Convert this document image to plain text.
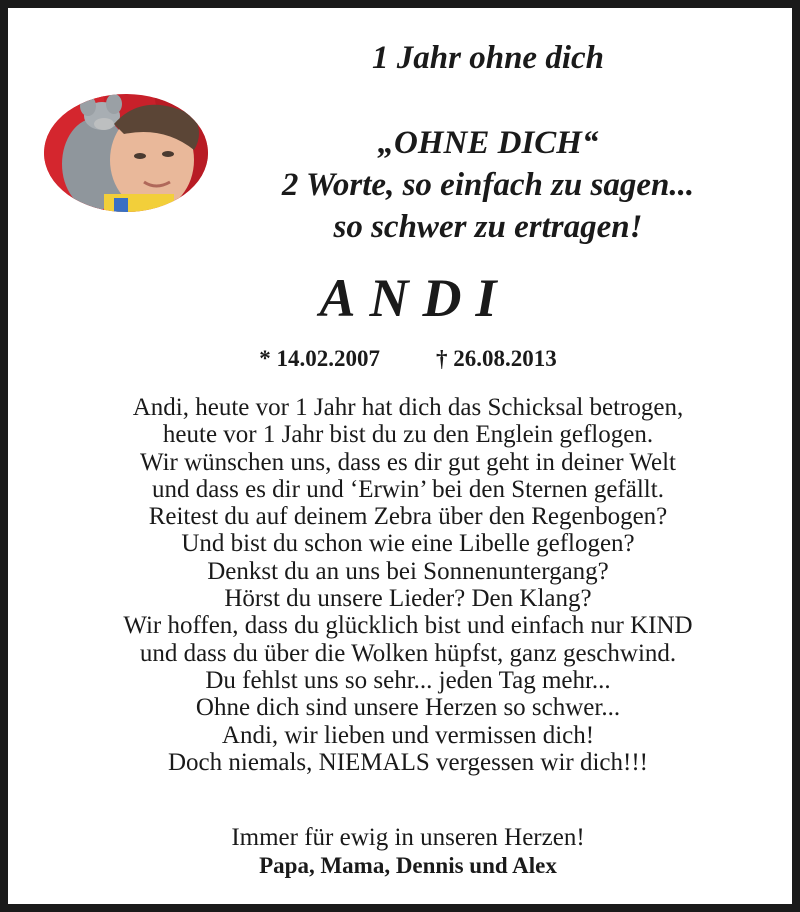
1 Jahr ohne dich
„OHNE DICH“
2 Worte, so einfach zu sagen...
so schwer zu ertragen!
ANDI
* 14.02.2007 † 26.08.2013
Andi, heute vor 1 Jahr hat dich das Schicksal betrogen,
heute vor 1 Jahr bist du zu den Englein geflogen.
Wir wünschen uns, dass es dir gut geht in deiner Welt
und dass es dir und ‘Erwin’ bei den Sternen gefällt.
Reitest du auf deinem Zebra über den Regenbogen?
Und bist du schon wie eine Libelle geflogen?
Denkst du an uns bei Sonnenuntergang?
Hörst du unsere Lieder? Den Klang?
Wir hoffen, dass du glücklich bist und einfach nur KIND
und dass du über die Wolken hüpfst, ganz geschwind.
Du fehlst uns so sehr... jeden Tag mehr...
Ohne dich sind unsere Herzen so schwer...
Andi, wir lieben und vermissen dich!
Doch niemals, NIEMALS vergessen wir dich!!!
Immer für ewig in unseren Herzen!
Papa, Mama, Dennis und Alex
